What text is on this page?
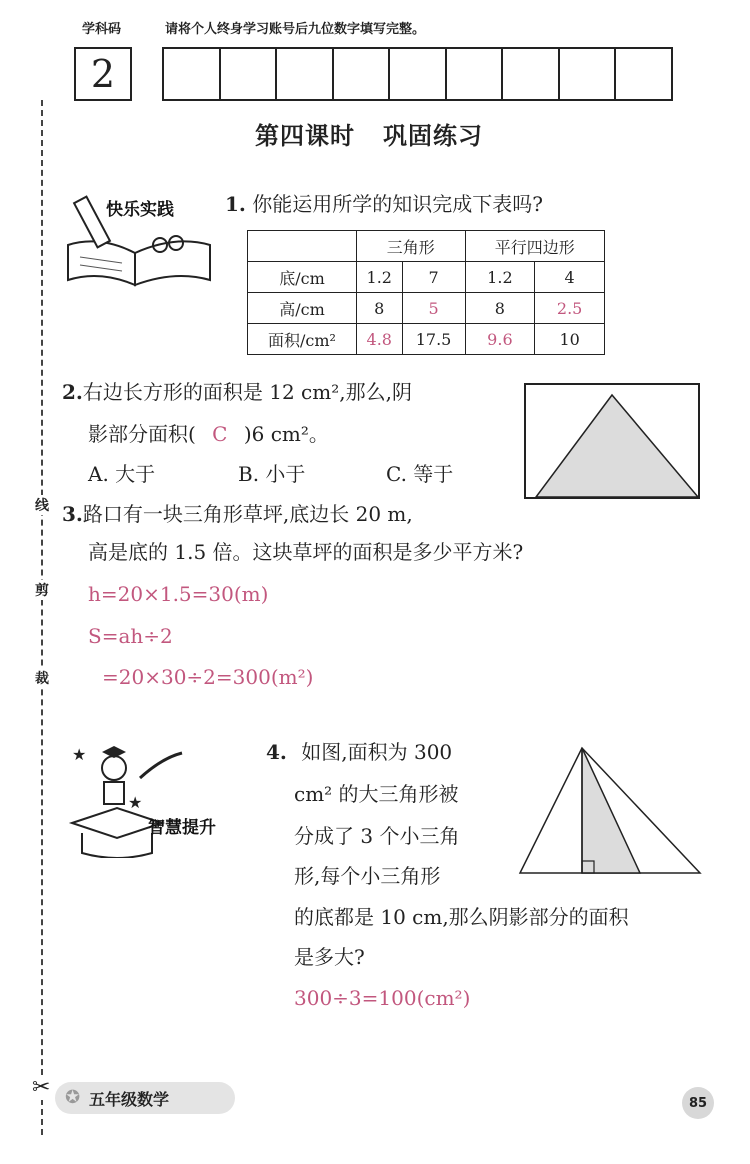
学科码	请将个人终身学习账号后九位数字填写完整。
2
线
剪
裁
✂
第四课时 巩固练习
快乐实践	1. 你能运用所学的知识完成下表吗?
	三角形		平行四边形	
底/cm	1.2	7	1.2	4
高/cm	8	5	8	2.5
面积/cm²	4.8	17.5	9.6	10
2.右边长方形的面积是 12 cm²,那么,阴
影部分面积( C )6 cm²。
A. 大于	B. 小于	C. 等于
3.路口有一块三角形草坪,底边长 20 m,
高是底的 1.5 倍。这块草坪的面积是多少平方米?
h=20×1.5=30(m)
S=ah÷2
=20×30÷2=300(m²)
★
★
智慧提升
4. 如图,面积为 300
cm² 的大三角形被
分成了 3 个小三角
形,每个小三角形
的底都是 10 cm,那么阴影部分的面积
是多大?
300÷3=100(cm²)
✪ 五年级数学	85
